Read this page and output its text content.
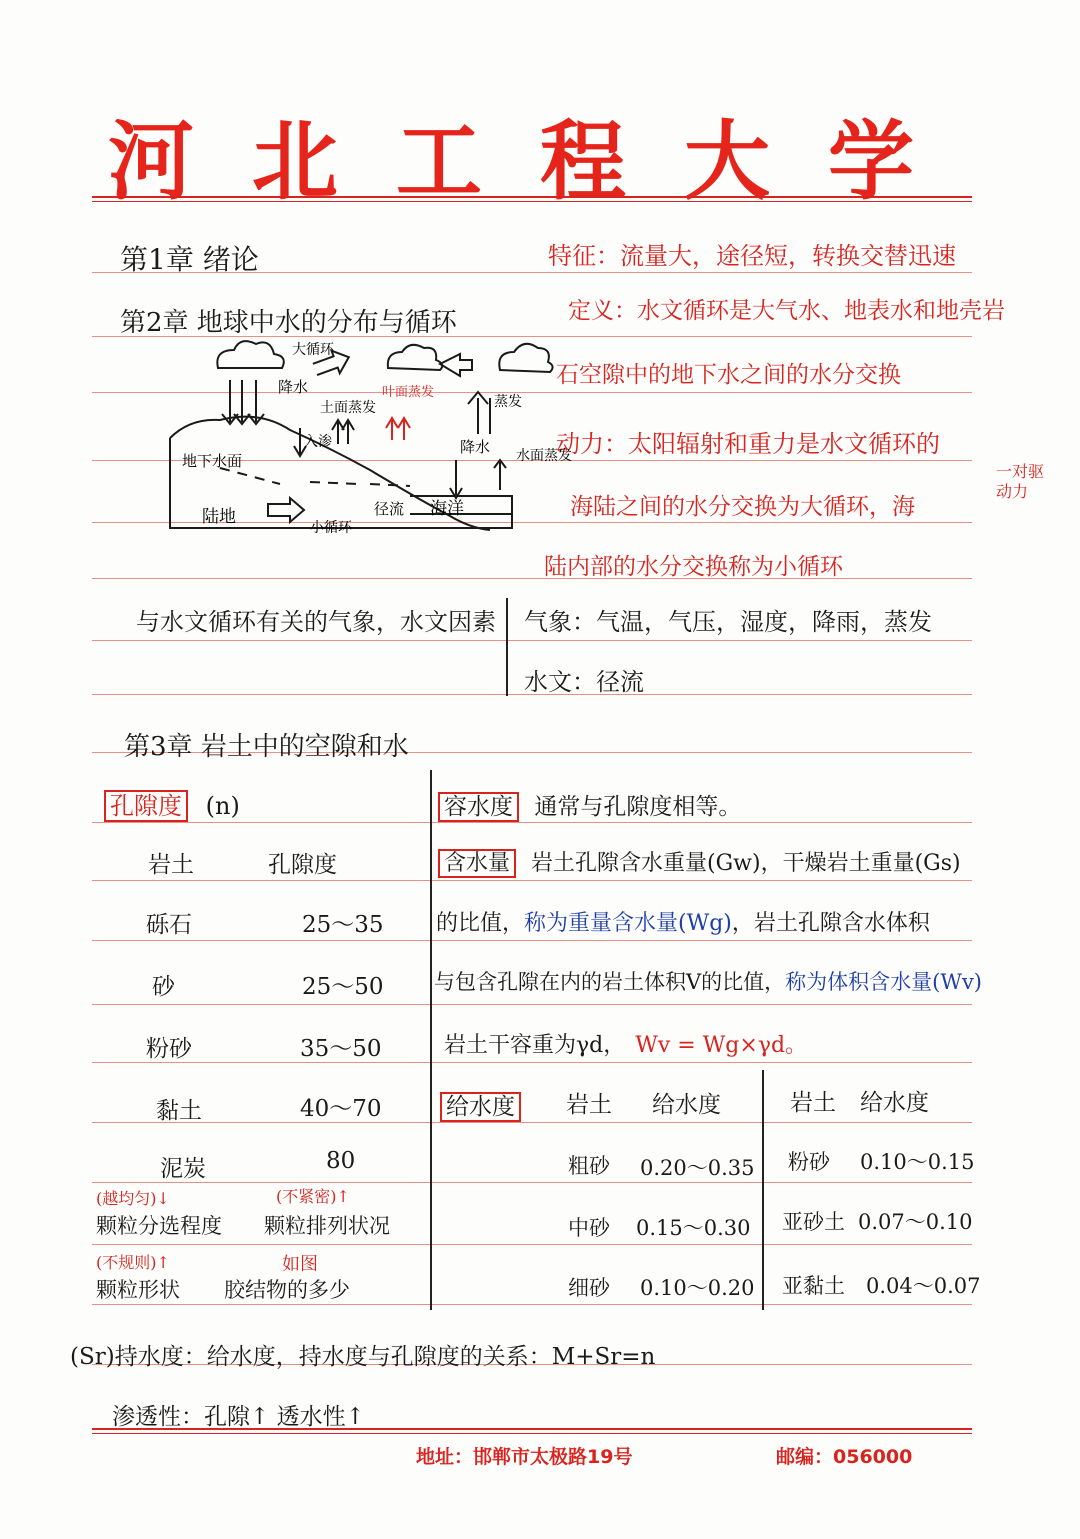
河北工程大学
第1章 绪论
第2章 地球中水的分布与循环
特征：流量大，途径短，转换交替迅速
定义：水文循环是大气水、地表水和地壳岩
石空隙中的地下水之间的水分交换
动力：太阳辐射和重力是水文循环的
一对驱动力
海陆之间的水分交换为大循环，海
陆内部的水分交换称为小循环
大循环
降水
土面蒸发
叶面蒸发
入渗
地下水面
降水 水面蒸发
蒸发
径流
陆地
小循环
海洋
与水文循环有关的气象，水文因素 气象：气温，气压，湿度，降雨，蒸发
水文：径流
第3章 岩土中的空隙和水
孔隙度 (n)
岩土	孔隙度
砾石	25～35
砂	25～50
粉砂	35～50
黏土	40～70
泥炭	80
(越均匀)↓
颗粒分选程度
(不紧密)↑
颗粒排列状况
(不规则)↑
颗粒形状
如图
胶结物的多少
容水度 通常与孔隙度相等。
含水量 岩土孔隙含水重量(Gw)，干燥岩土重量(Gs)
的比值，称为重量含水量(Wg)，岩土孔隙含水体积
与包含孔隙在内的岩土体积V的比值，称为体积含水量(Wv)
岩土干容重为γd， Wv = Wg×γd。
给水度 岩土 给水度	岩土 给水度
粗砂 0.20～0.35 粉砂 0.10～0.15
中砂 0.15～0.30 亚砂土 0.07～0.10
细砂 0.10～0.20 亚黏土 0.04～0.07
(Sr)持水度：给水度，持水度与孔隙度的关系：M+Sr=n
渗透性：孔隙↑ 透水性↑
地址：邯郸市太极路19号	邮编：056000
